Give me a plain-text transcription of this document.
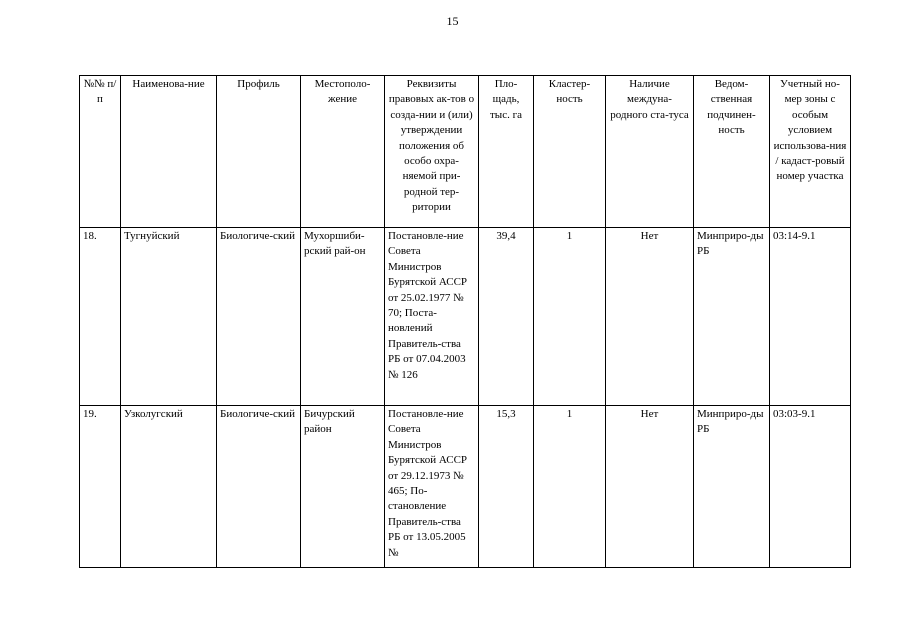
15
№№ п/п	Наименова-ние	Профиль	Местополо-жение	Реквизиты правовых ак-тов о созда-нии и (или) утверждении положения об особо охра-няемой при-родной тер-ритории	Пло-щадь, тыс. га	Кластер-ность	Наличие междуна-родного ста-туса	Ведом-ственная подчинен-ность	Учетный но-мер зоны с особым условием использова-ния / кадаст-ровый номер участка
18.	Тугнуйский	Биологиче-ский	Мухоршиби-рский рай-он	Постановле-ние Совета Министров Бурятской АССР от 25.02.1977 № 70; Поста-новлений Правитель-ства РБ от 07.04.2003 № 126	39,4	1	Нет	Минприро-ды РБ	03:14-9.1
19.	Узколугский	Биологиче-ский	Бичурский район	Постановле-ние Совета Министров Бурятской АССР от 29.12.1973 № 465; По-становление Правитель-ства РБ от 13.05.2005 №	15,3	1	Нет	Минприро-ды РБ	03:03-9.1
